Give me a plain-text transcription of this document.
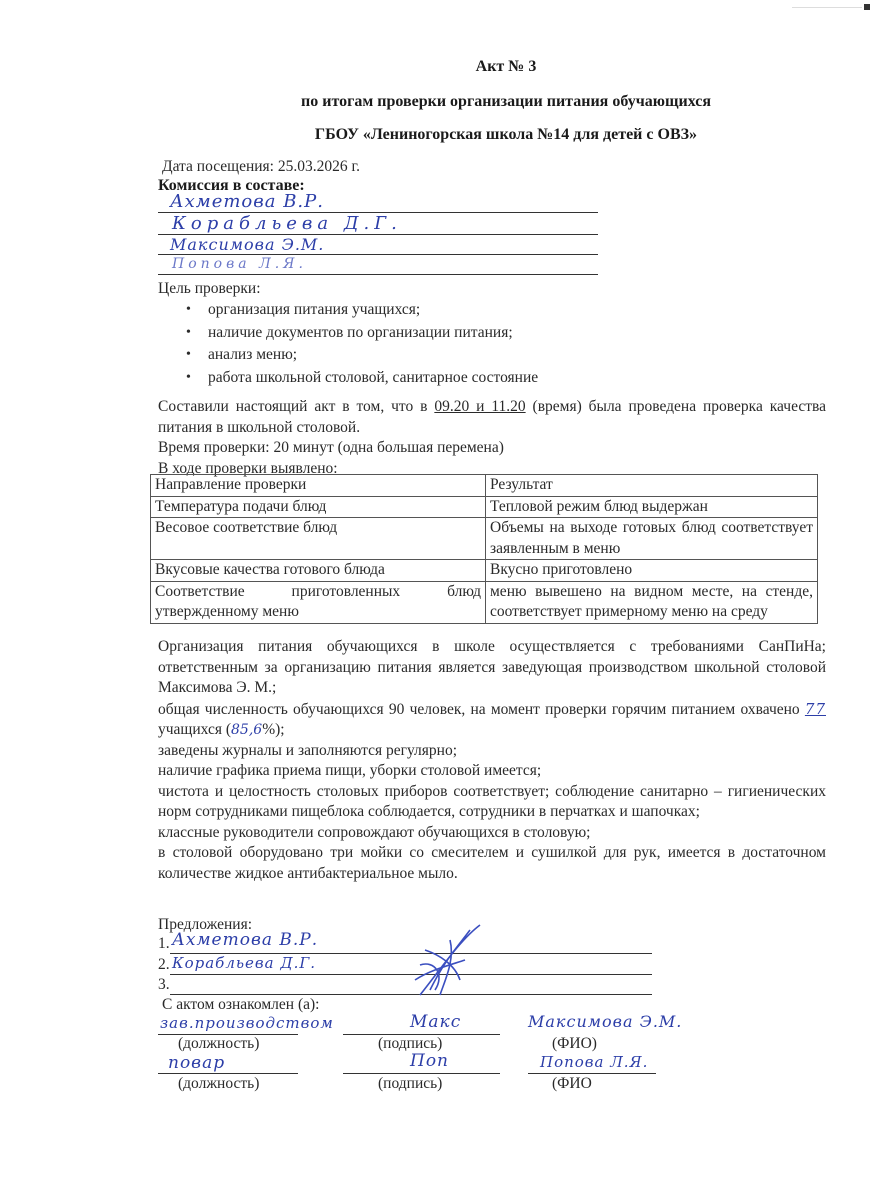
Акт № 3
по итогам проверки организации питания обучающихся
ГБОУ «Лениногорская школа №14 для детей с ОВЗ»
Дата посещения: 25.03.2026 г.
Комиссия в составе:
Ахметова В.Р.
Корабльева Д.Г.
Максимова Э.М.
Попова Л.Я.
Цель проверки:
• организация питания учащихся;
• наличие документов по организации питания;
• анализ меню;
• работа школьной столовой, санитарное состояние

Составили настоящий акт в том, что в 09.20 и 11.20 (время) была проведена проверка качества питания в школьной столовой.

Время проверки: 20 минут (одна большая перемена)

В ходе проверки выявлено:

Направление проверки	Результат
Температура подачи блюд	Тепловой режим блюд выдержан
Весовое соответствие блюд	Объемы на выходе готовых блюд соответствует заявленным в меню
Вкусовые качества готового блюда	Вкусно приготовлено
Соответствие приготовленных блюд утвержденному меню	меню вывешено на видном месте, на стенде, соответствует примерному меню на среду

Организация питания обучающихся в школе осуществляется с требованиями СанПиНа; ответственным за организацию питания является заведующая производством школьной столовой Максимова Э. М.;

общая численность обучающихся 90 человек, на момент проверки горячим питанием охвачено 77 учащихся (85,6%);

заведены журналы и заполняются регулярно;

наличие графика приема пищи, уборки столовой имеется;

чистота и целостность столовых приборов соответствует; соблюдение санитарно – гигиенических норм сотрудниками пищеблока соблюдается, сотрудники в перчатках и шапочках;

классные руководители сопровождают обучающихся в столовую;

в столовой оборудовано три мойки со смесителем и сушилкой для рук, имеется в достаточном количестве жидкое антибактериальное мыло.

Предложения:
1. Ахметова В.Р.
2. Корабльева Д.Г.
3.
С актом ознакомлен (а):
зав.производством	Макс	Максимова Э.М.
(должность)	(подпись)	(ФИО)
повар	Поп	Попова Л.Я.
(должность)	(подпись)	(ФИО
